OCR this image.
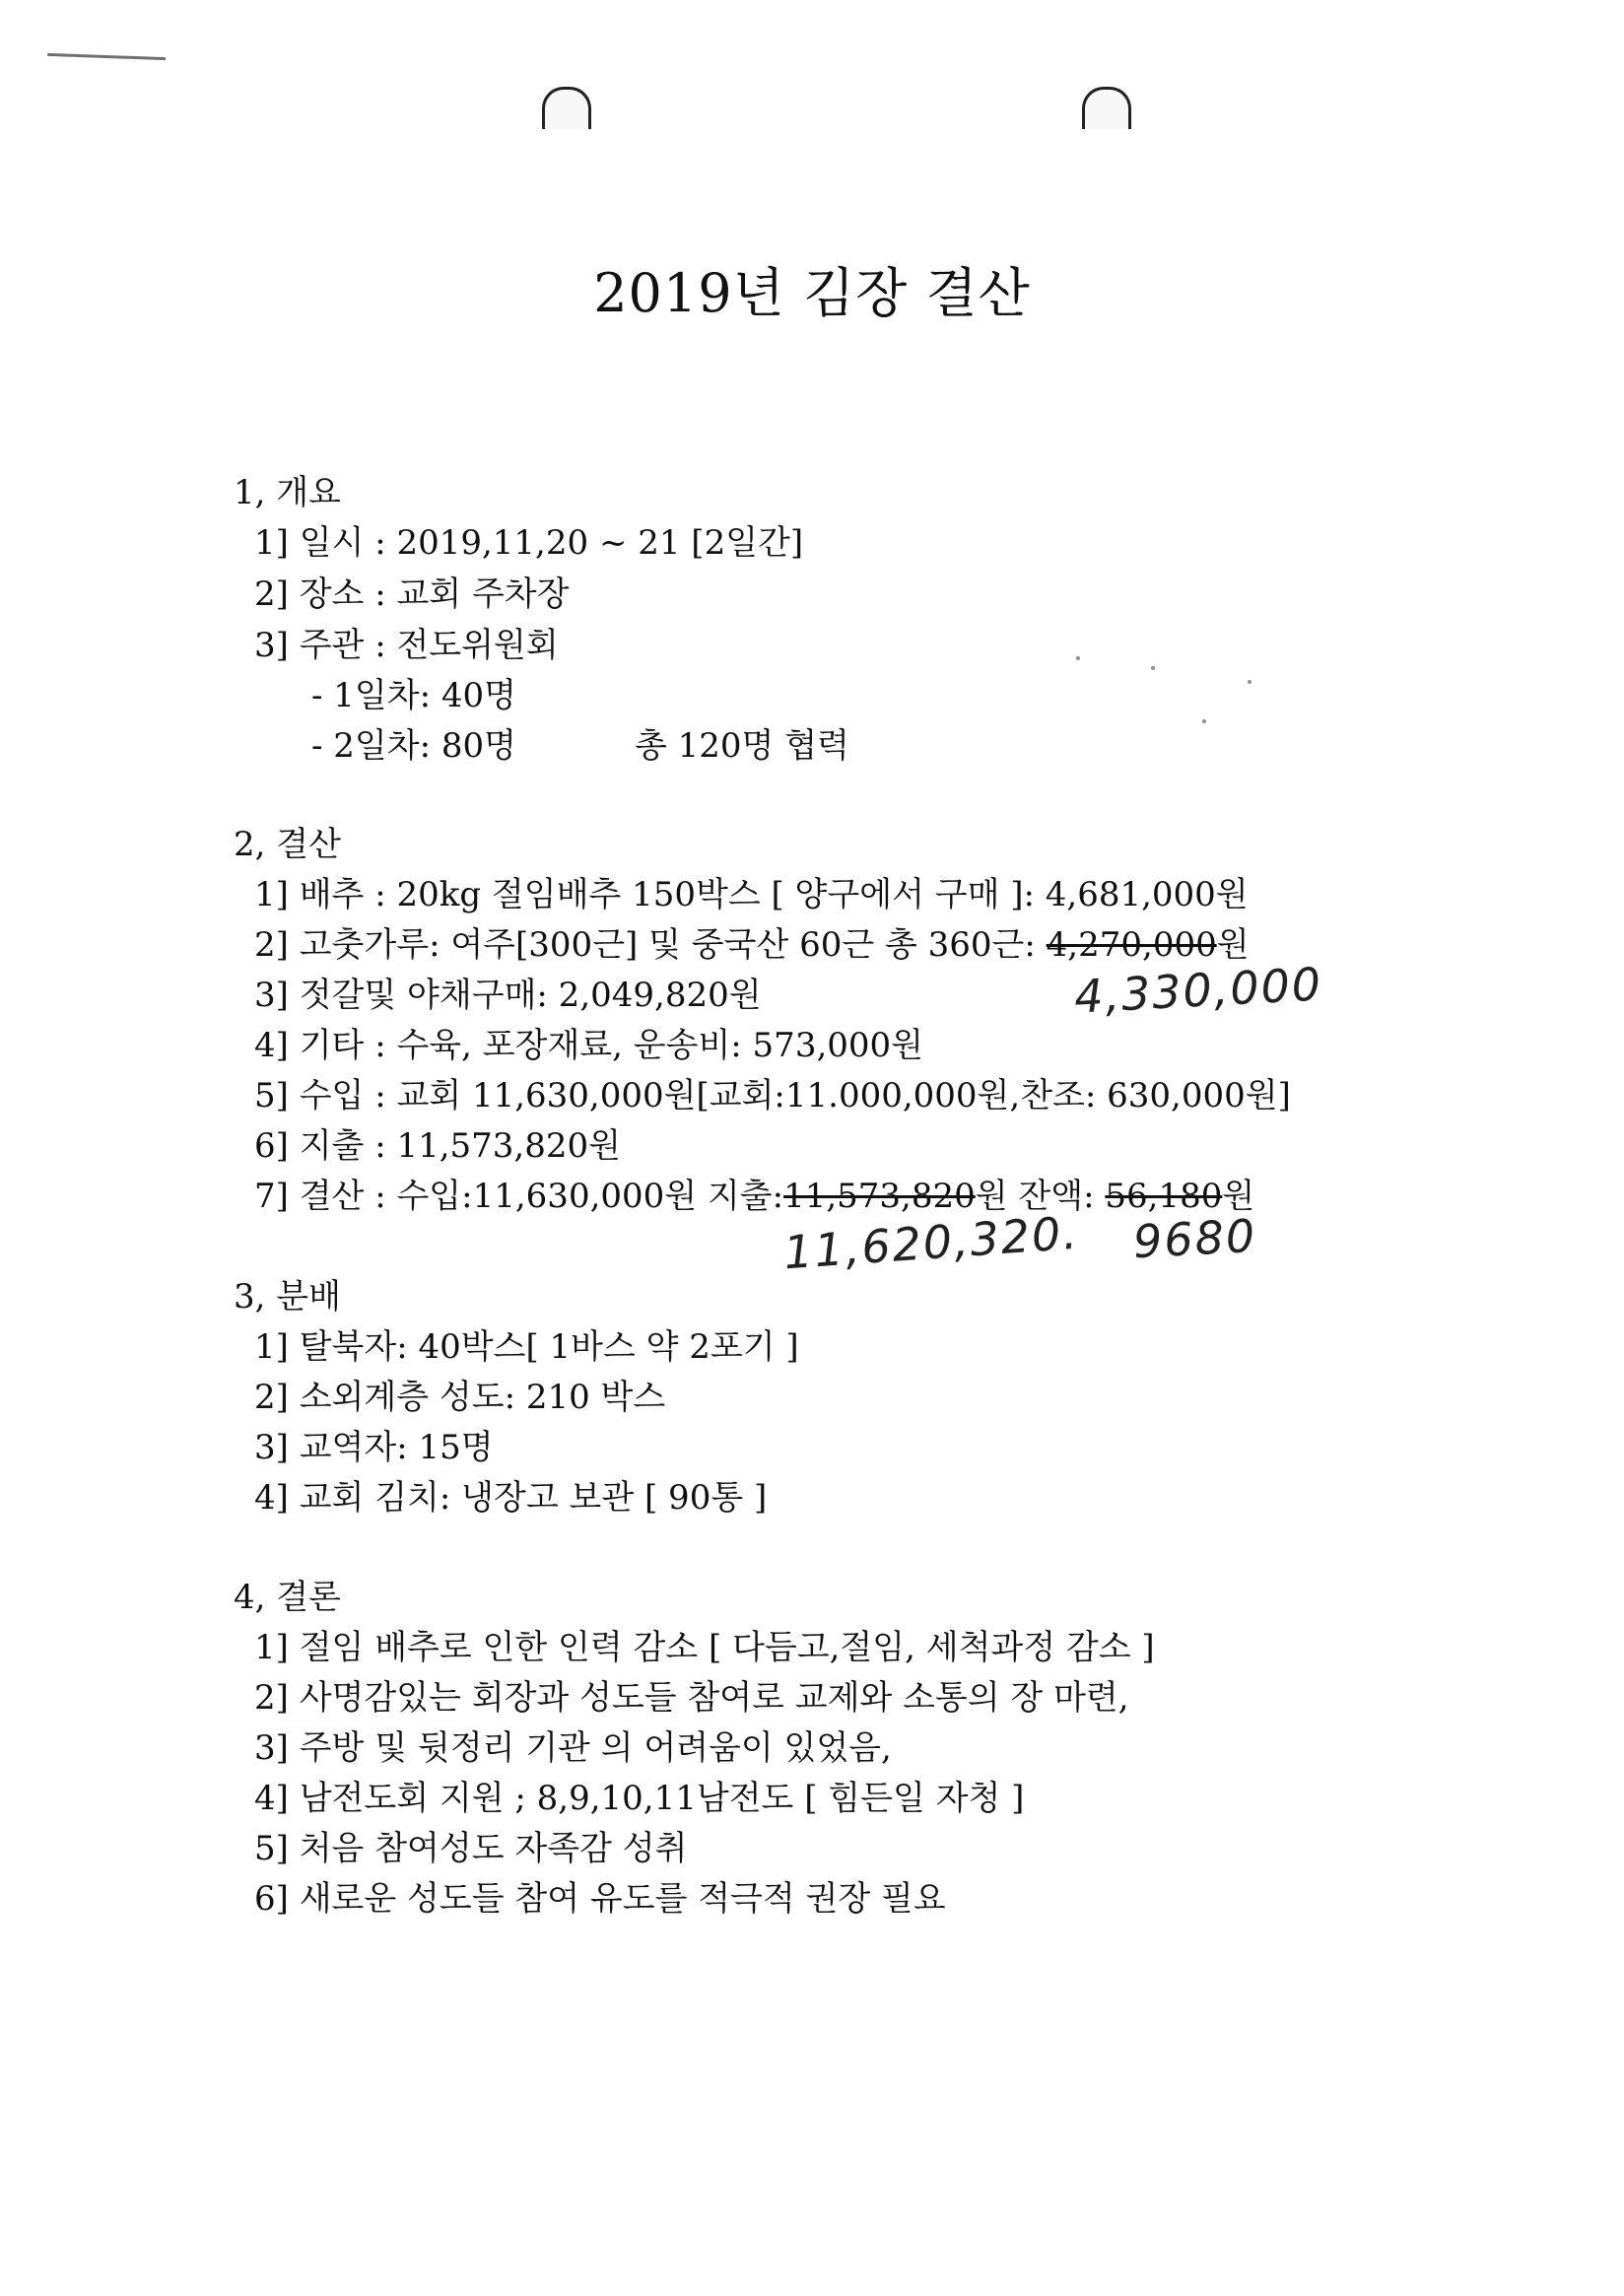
2019년 김장 결산
1, 개요
1] 일시 : 2019,11,20 ~ 21 [2일간]
2] 장소 : 교회 주차장
3] 주관 : 전도위원회
- 1일차: 40명
- 2일차: 80명	총 120명 협력
2, 결산
1] 배추 : 20kg 절임배추 150박스 [ 양구에서 구매 ]: 4,681,000원
2] 고춧가루: 여주[300근] 및 중국산 60근 총 360근: 4,270,000원
3] 젓갈및 야채구매: 2,049,820원
4] 기타 : 수육, 포장재료, 운송비: 573,000원
5] 수입 : 교회 11,630,000원[교회:11.000,000원,찬조: 630,000원]
6] 지출 : 11,573,820원
7] 결산 : 수입:11,630,000원 지출:11,573,820원 잔액: 56,180원
4,330,000
11,620,320. 9680
3, 분배
1] 탈북자: 40박스[ 1바스 약 2포기 ]
2] 소외계층 성도: 210 박스
3] 교역자: 15명
4] 교회 김치: 냉장고 보관 [ 90통 ]
4, 결론
1] 절임 배추로 인한 인력 감소 [ 다듬고,절임, 세척과정 감소 ]
2] 사명감있는 회장과 성도들 참여로 교제와 소통의 장 마련,
3] 주방 및 뒷정리 기관 의 어려움이 있었음,
4] 남전도회 지원 ; 8,9,10,11남전도 [ 힘든일 자청 ]
5] 처음 참여성도 자족감 성취
6] 새로운 성도들 참여 유도를 적극적 권장 필요
